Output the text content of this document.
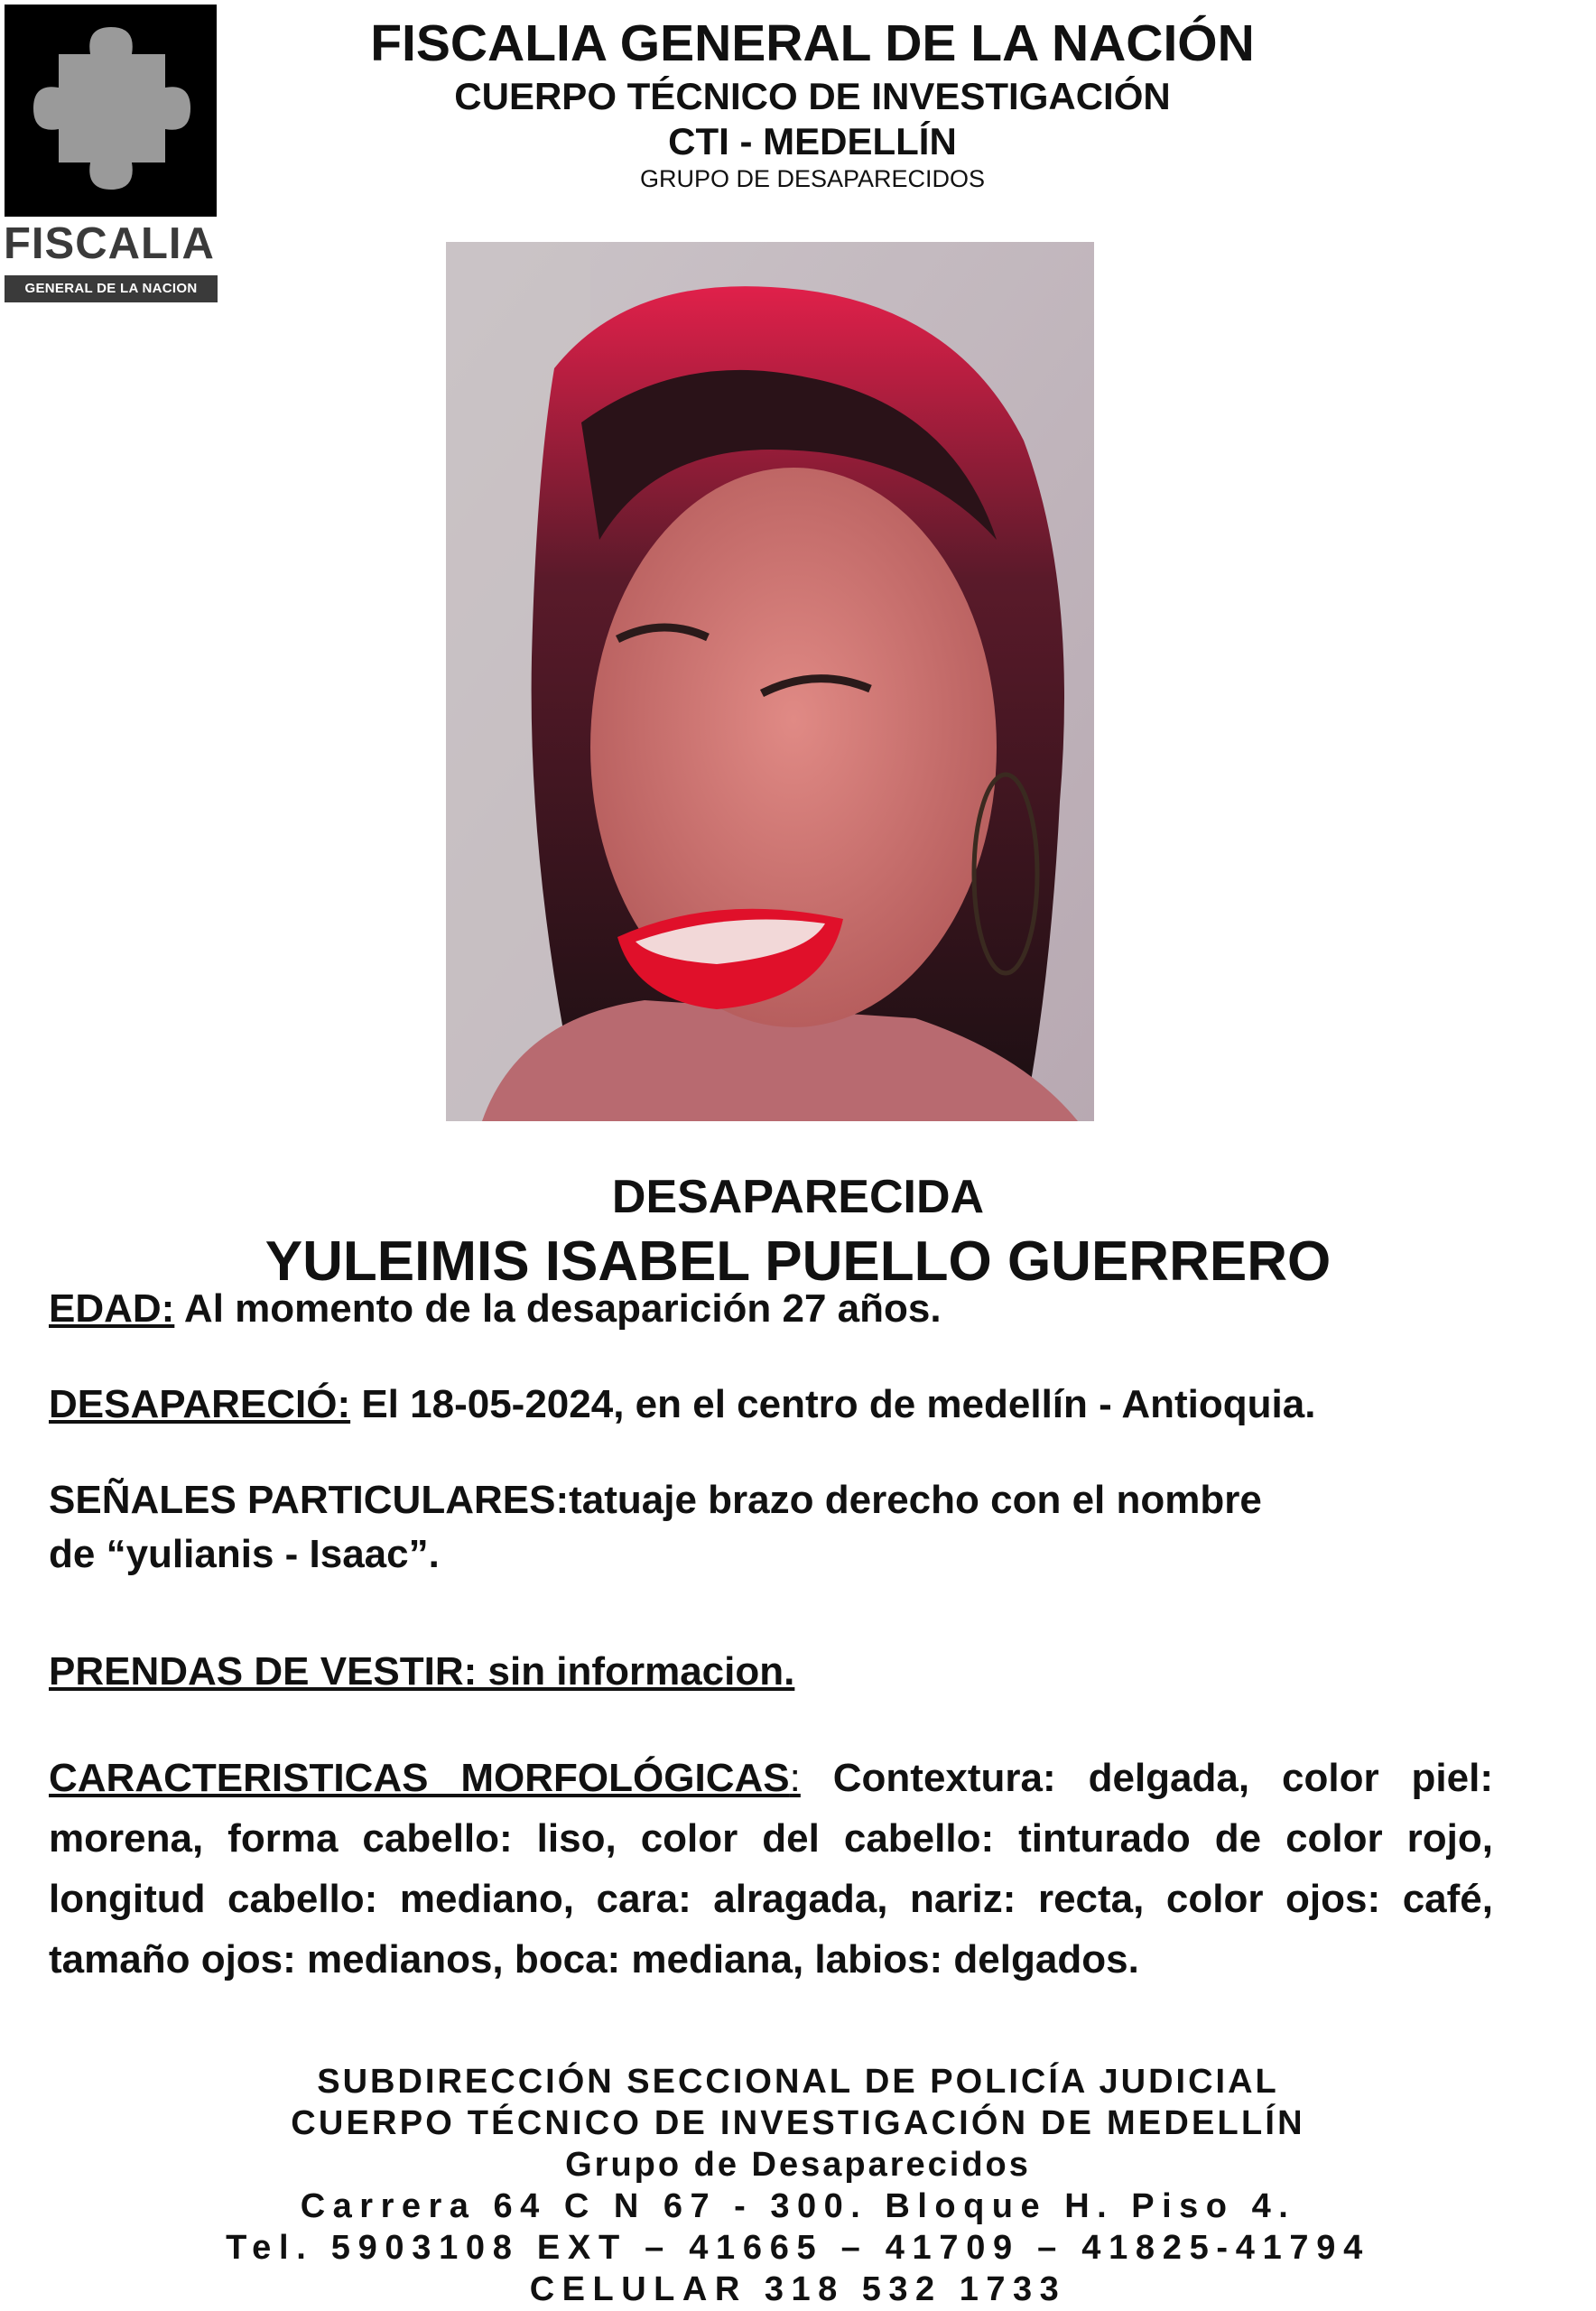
FISCALIA
GENERAL DE LA NACION
FISCALIA GENERAL DE LA NACIÓN
CUERPO TÉCNICO DE INVESTIGACIÓN
CTI - MEDELLÍN
GRUPO DE DESAPARECIDOS
DESAPARECIDA
YULEIMIS ISABEL PUELLO GUERRERO
EDAD: Al momento de la desaparición 27 años.
DESAPARECIÓ: El 18-05-2024, en el centro de medellín - Antioquia.
SEÑALES PARTICULARES:tatuaje brazo derecho con el nombre
de “yulianis - Isaac”.
PRENDAS DE VESTIR: sin informacion.
CARACTERISTICAS MORFOLÓGICAS: Contextura: delgada, color piel: morena, forma cabello: liso, color del cabello: tinturado de color rojo, longitud cabello: mediano, cara: alragada, nariz: recta, color ojos: café, tamaño ojos: medianos, boca: mediana, labios: delgados.
SUBDIRECCIÓN SECCIONAL DE POLICÍA JUDICIAL
CUERPO TÉCNICO DE INVESTIGACIÓN DE MEDELLÍN
Grupo de Desaparecidos
Carrera 64 C N 67 - 300. Bloque H. Piso 4.
Tel. 5903108 EXT – 41665 – 41709 – 41825-41794
CELULAR 318 532 1733
